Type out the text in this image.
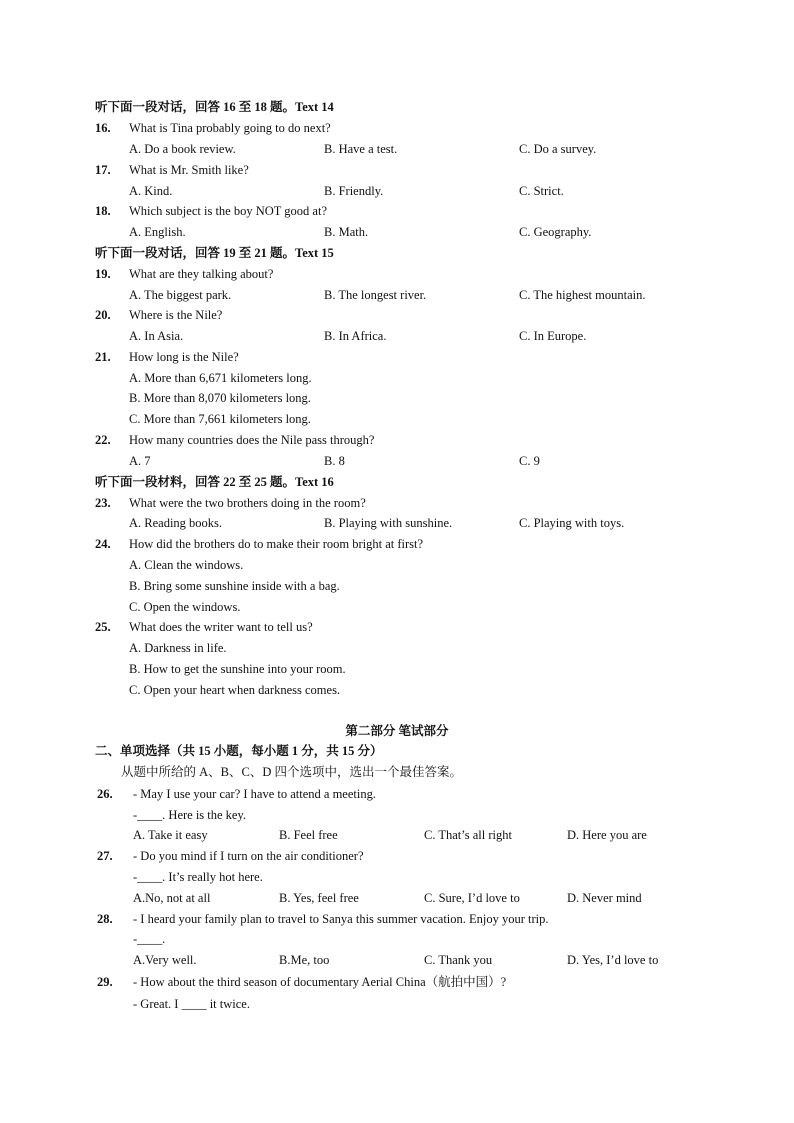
听下面一段对话，回答 16 至 18 题。Text 14
16. What is Tina probably going to do next?
A. Do a book review.	B. Have a test.	C. Do a survey.
17. What is Mr. Smith like?
A. Kind.	B. Friendly.	C. Strict.
18. Which subject is the boy NOT good at?
A. English.	B. Math.	C. Geography.
听下面一段对话，回答 19 至 21 题。Text 15
19. What are they talking about?
A. The biggest park.	B. The longest river.	C. The highest mountain.
20. Where is the Nile?
A. In Asia.	B. In Africa.	C. In Europe.
21. How long is the Nile?
A. More than 6,671 kilometers long.
B. More than 8,070 kilometers long.
C. More than 7,661 kilometers long.
22. How many countries does the Nile pass through?
A. 7	B. 8	C. 9
听下面一段材料，回答 22 至 25 题。Text 16
23. What were the two brothers doing in the room?
A. Reading books.	B. Playing with sunshine.	C. Playing with toys.
24. How did the brothers do to make their room bright at first?
A. Clean the windows.
B. Bring some sunshine inside with a bag.
C. Open the windows.
25. What does the writer want to tell us?
A. Darkness in life.
B. How to get the sunshine into your room.
C. Open your heart when darkness comes.
第二部分 笔试部分
二、单项选择（共 15 小题，每小题 1 分，共 15 分）
从题中所给的 A、B、C、D 四个选项中，选出一个最佳答案。
26. - May I use your car? I have to attend a meeting.
-____. Here is the key.
A. Take it easy	B. Feel free	C. That’s all right	D. Here you are
27. - Do you mind if I turn on the air conditioner?
-____. It’s really hot here.
A.No, not at all	B. Yes, feel free	C. Sure, I’d love to	D. Never mind
28. - I heard your family plan to travel to Sanya this summer vacation. Enjoy your trip.
-____.
A.Very well.	B.Me, too	C. Thank you	D. Yes, I’d love to
29. - How about the third season of documentary Aerial China（航拍中国）?
- Great. I ____ it twice.
